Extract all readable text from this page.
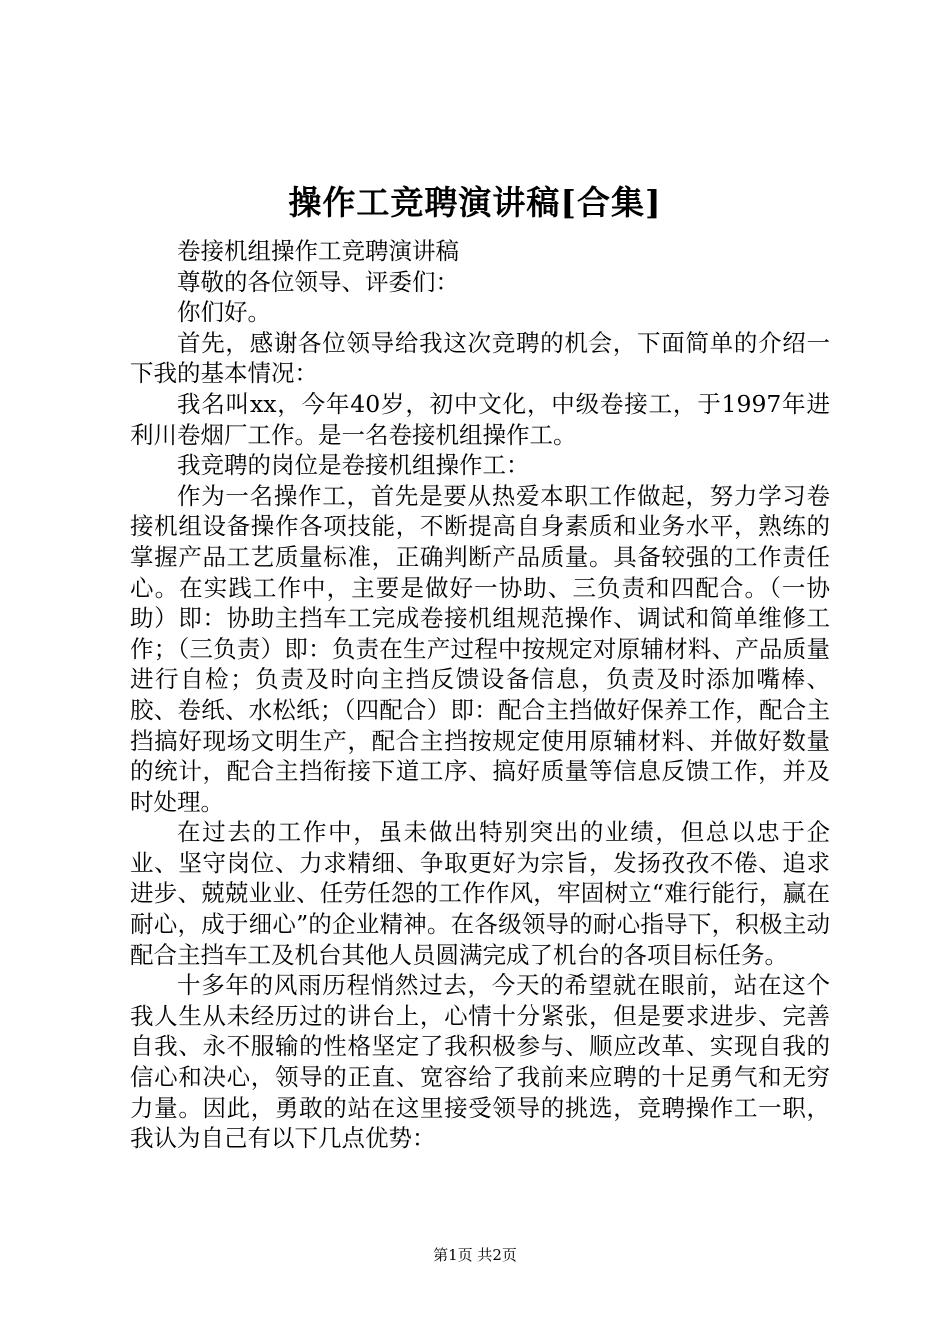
操作工竞聘演讲稿[合集]

卷接机组操作工竞聘演讲稿

尊敬的各位领导、评委们：

你们好。

首先，感谢各位领导给我这次竞聘的机会，下面简单的介绍一下我的基本情况：

我名叫xx，今年40岁，初中文化，中级卷接工，于1997年进利川卷烟厂工作。是一名卷接机组操作工。

我竞聘的岗位是卷接机组操作工：

作为一名操作工，首先是要从热爱本职工作做起，努力学习卷接机组设备操作各项技能，不断提高自身素质和业务水平，熟练的掌握产品工艺质量标准，正确判断产品质量。具备较强的工作责任心。在实践工作中，主要是做好一协助、三负责和四配合。（一协助）即：协助主挡车工完成卷接机组规范操作、调试和简单维修工作；（三负责）即：负责在生产过程中按规定对原辅材料、产品质量进行自检；负责及时向主挡反馈设备信息，负责及时添加嘴棒、胶、卷纸、水松纸；（四配合）即：配合主挡做好保养工作，配合主挡搞好现场文明生产，配合主挡按规定使用原辅材料、并做好数量的统计，配合主挡衔接下道工序、搞好质量等信息反馈工作，并及时处理。

在过去的工作中，虽未做出特别突出的业绩，但总以忠于企业、坚守岗位、力求精细、争取更好为宗旨，发扬孜孜不倦、追求进步、兢兢业业、任劳任怨的工作作风，牢固树立“难行能行，赢在耐心，成于细心”的企业精神。在各级领导的耐心指导下，积极主动配合主挡车工及机台其他人员圆满完成了机台的各项目标任务。

十多年的风雨历程悄然过去，今天的希望就在眼前，站在这个我人生从未经历过的讲台上，心情十分紧张，但是要求进步、完善自我、永不服输的性格坚定了我积极参与、顺应改革、实现自我的信心和决心，领导的正直、宽容给了我前来应聘的十足勇气和无穷力量。因此，勇敢的站在这里接受领导的挑选，竞聘操作工一职，我认为自己有以下几点优势：

第1页 共2页
